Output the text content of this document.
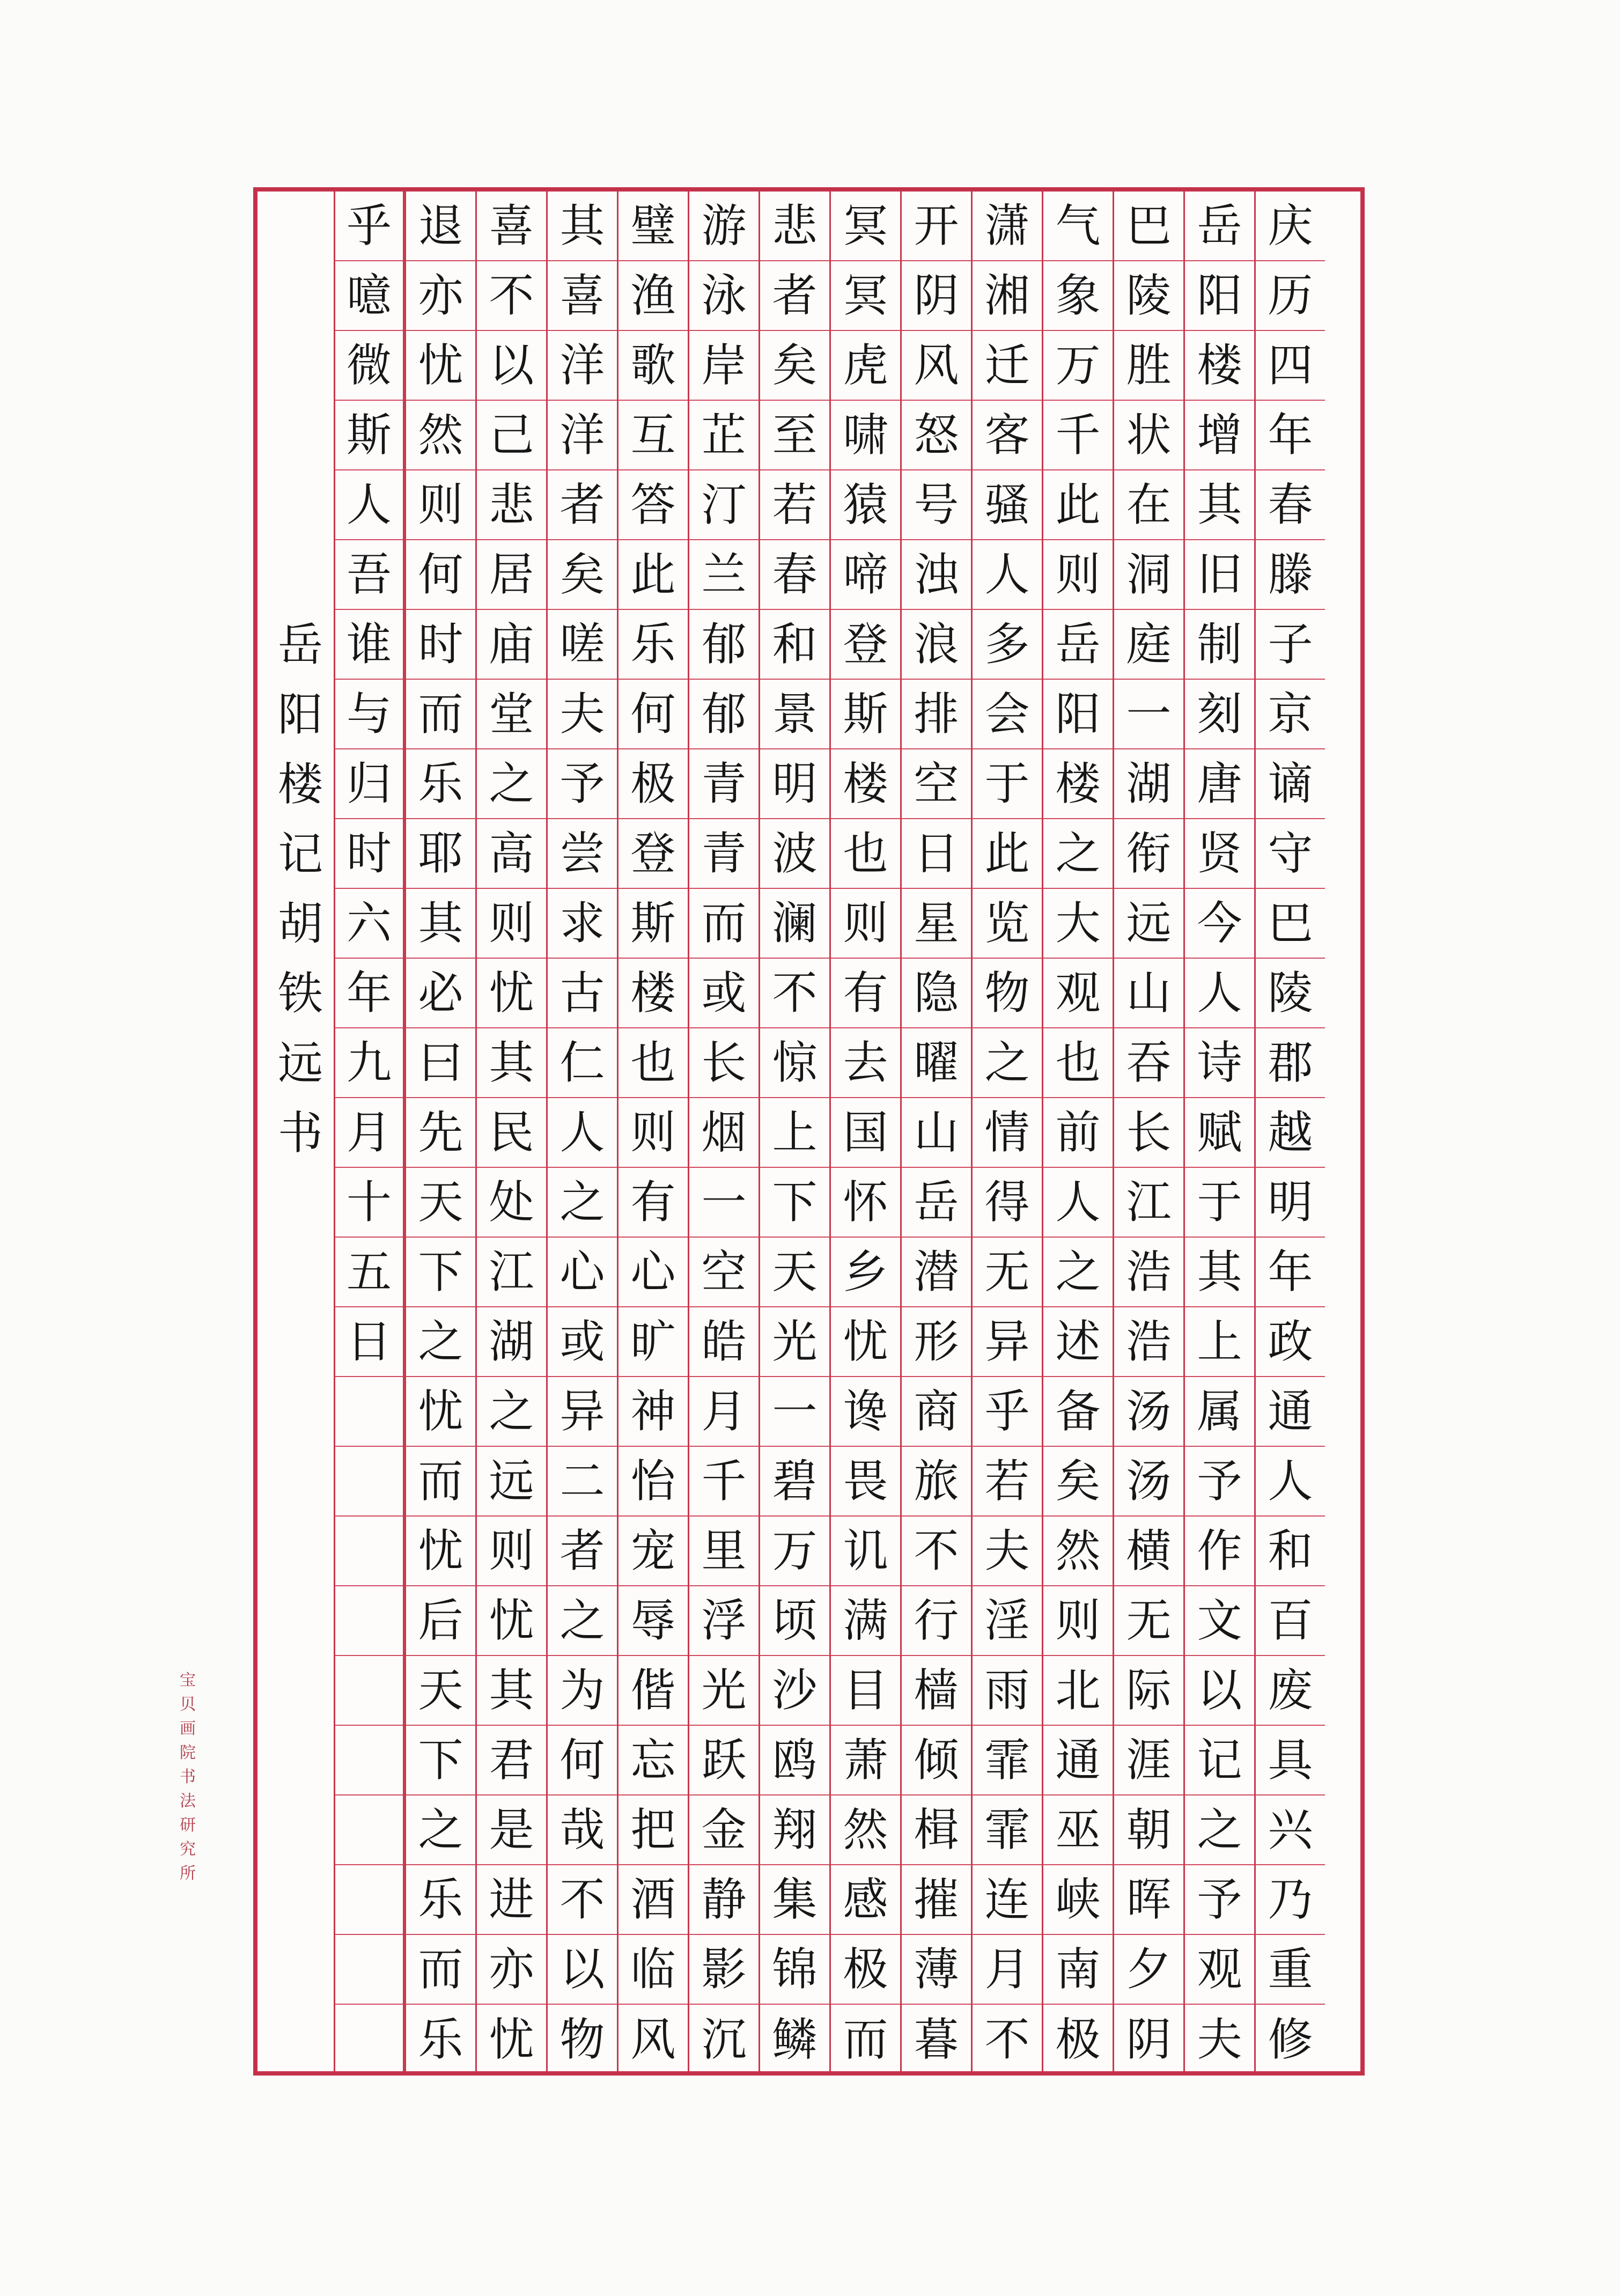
庆
历
四
年
春
滕
子
京
谪
守
巴
陵
郡
越
明
年
政
通
人
和
百
废
具
兴
乃
重
修
岳
阳
楼
增
其
旧
制
刻
唐
贤
今
人
诗
赋
于
其
上
属
予
作
文
以
记
之
予
观
夫
巴
陵
胜
状
在
洞
庭
一
湖
衔
远
山
吞
长
江
浩
浩
汤
汤
横
无
际
涯
朝
晖
夕
阴
气
象
万
千
此
则
岳
阳
楼
之
大
观
也
前
人
之
述
备
矣
然
则
北
通
巫
峡
南
极
潇
湘
迁
客
骚
人
多
会
于
此
览
物
之
情
得
无
异
乎
若
夫
淫
雨
霏
霏
连
月
不
开
阴
风
怒
号
浊
浪
排
空
日
星
隐
曜
山
岳
潜
形
商
旅
不
行
樯
倾
楫
摧
薄
暮
冥
冥
虎
啸
猿
啼
登
斯
楼
也
则
有
去
国
怀
乡
忧
谗
畏
讥
满
目
萧
然
感
极
而
悲
者
矣
至
若
春
和
景
明
波
澜
不
惊
上
下
天
光
一
碧
万
顷
沙
鸥
翔
集
锦
鳞
游
泳
岸
芷
汀
兰
郁
郁
青
青
而
或
长
烟
一
空
皓
月
千
里
浮
光
跃
金
静
影
沉
璧
渔
歌
互
答
此
乐
何
极
登
斯
楼
也
则
有
心
旷
神
怡
宠
辱
偕
忘
把
酒
临
风
其
喜
洋
洋
者
矣
嗟
夫
予
尝
求
古
仁
人
之
心
或
异
二
者
之
为
何
哉
不
以
物
喜
不
以
己
悲
居
庙
堂
之
高
则
忧
其
民
处
江
湖
之
远
则
忧
其
君
是
进
亦
忧
退
亦
忧
然
则
何
时
而
乐
耶
其
必
曰
先
天
下
之
忧
而
忧
后
天
下
之
乐
而
乐
乎
噫
微
斯
人
吾
谁
与
归
时
六
年
九
月
十
五
日
岳
阳
楼
记
胡
铁
远
书
宝
贝
画
院
书
法
研
究
所
